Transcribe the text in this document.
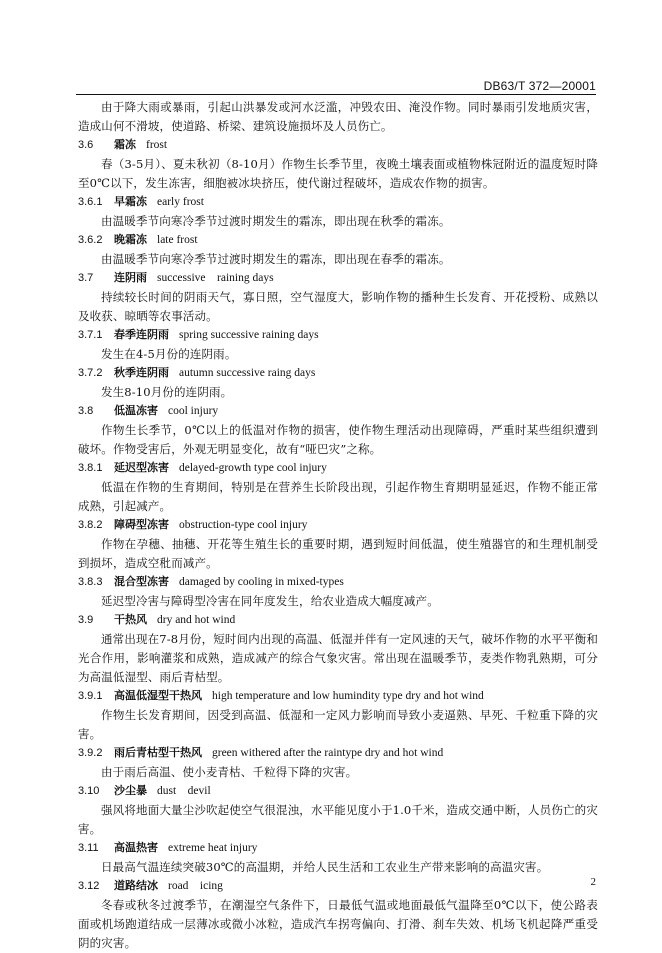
DB63/T 372—20001

由于降大雨或暴雨，引起山洪暴发或河水泛滥，冲毁农田、淹没作物。同时暴雨引发地质灾害，造成山何不滑坡，使道路、桥梁、建筑设施损坏及人员伤亡。

3.6 霜冻 frost

春（3-5月）、夏未秋初（8-10月）作物生长季节里，夜晚土壤表面或植物株冠附近的温度短时降至0℃以下，发生冻害，细胞被冰块挤压，使代谢过程破坏，造成农作物的损害。

3.6.1 早霜冻 early frost

由温暖季节向寒冷季节过渡时期发生的霜冻，即出现在秋季的霜冻。

3.6.2 晚霜冻 late frost

由温暖季节向寒冷季节过渡时期发生的霜冻，即出现在春季的霜冻。

3.7 连阴雨 successive    raining days

持续较长时间的阴雨天气，寡日照，空气湿度大，影响作物的播种生长发育、开花授粉、成熟以及收获、晾晒等农事活动。

3.7.1 春季连阴雨 spring successive raining days

发生在4-5月份的连阴雨。

3.7.2 秋季连阴雨 autumn successive raing days

发生8-10月份的连阴雨。

3.8 低温冻害 cool injury

作物生长季节，0℃以上的低温对作物的损害，使作物生理活动出现障碍，严重时某些组织遭到破坏。作物受害后，外观无明显变化，故有“哑巴灾”之称。

3.8.1 延迟型冻害 delayed-growth type cool injury

低温在作物的生育期间，特别是在营养生长阶段出现，引起作物生育期明显延迟，作物不能正常成熟，引起减产。

3.8.2 障碍型冻害 obstruction-type cool injury

作物在孕穗、抽穗、开花等生殖生长的重要时期，遇到短时间低温，使生殖器官的和生理机制受到损坏，造成空秕而减产。

3.8.3 混合型冻害 damaged by cooling in mixed-types

延迟型冷害与障碍型冷害在同年度发生，给农业造成大幅度减产。

3.9 干热风 dry and hot wind

通常出现在7-8月份，短时间内出现的高温、低湿并伴有一定风速的天气，破坏作物的水平平衡和光合作用，影响灌浆和成熟，造成减产的综合气象灾害。常出现在温暖季节，麦类作物乳熟期，可分为高温低湿型、雨后青枯型。

3.9.1 高温低湿型干热风 high temperature and low humindity type dry and hot wind

作物生长发育期间，因受到高温、低湿和一定风力影响而导致小麦逼熟、早死、千粒重下降的灾害。

3.9.2 雨后青枯型干热风 green withered after the raintype dry and hot wind

由于雨后高温、使小麦青枯、千粒得下降的灾害。

3.10 沙尘暴 dust    devil

强风将地面大量尘沙吹起使空气很混浊，水平能见度小于1.0千米，造成交通中断，人员伤亡的灾害。

3.11 高温热害 extreme heat injury

日最高气温连续突破30℃的高温期，并给人民生活和工农业生产带来影响的高温灾害。

3.12 道路结冰 road    icing

冬春或秋冬过渡季节，在潮湿空气条件下，日最低气温或地面最低气温降至0℃以下，使公路表面或机场跑道结成一层薄冰或微小冰粒，造成汽车拐弯偏向、打滑、刹车失效、机场飞机起降严重受阴的灾害。

2
